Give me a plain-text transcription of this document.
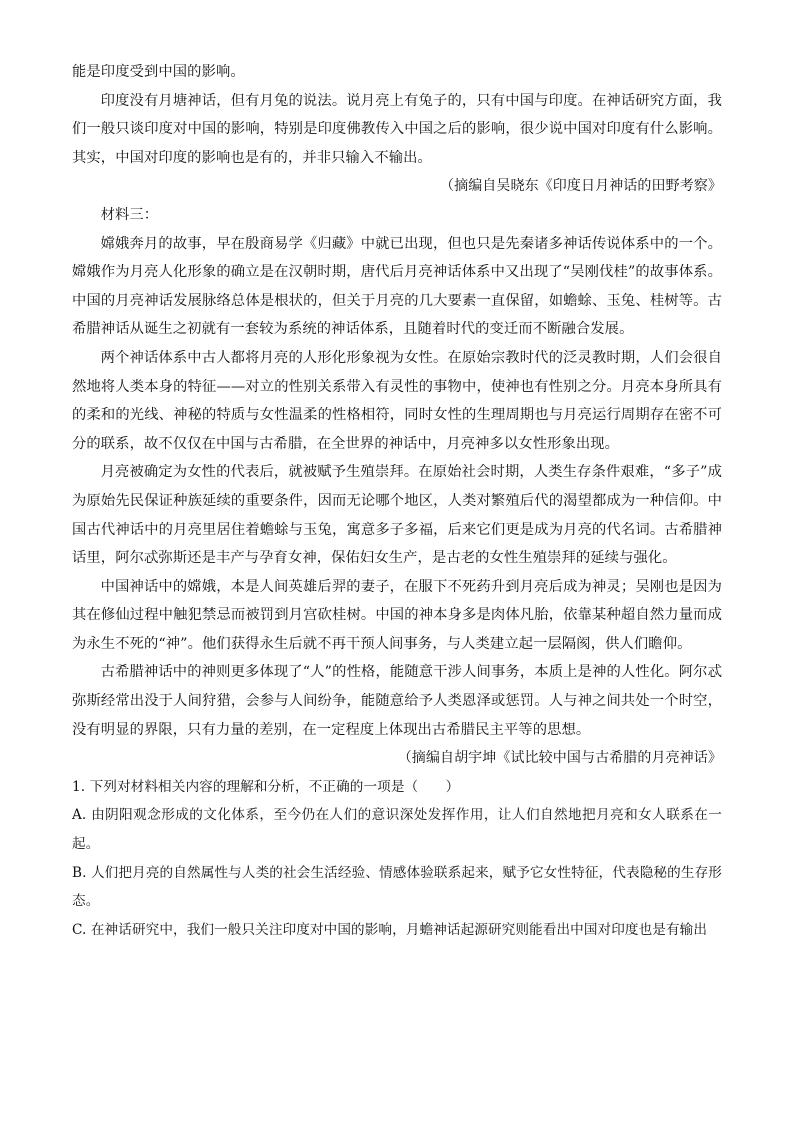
能是印度受到中国的影响。

印度没有月塘神话，但有月兔的说法。说月亮上有兔子的，只有中国与印度。在神话研究方面，我们一般只谈印度对中国的影响，特别是印度佛教传入中国之后的影响，很少说中国对印度有什么影响。其实，中国对印度的影响也是有的，并非只输入不输出。

（摘编自吴晓东《印度日月神话的田野考察》

材料三：

嫦娥奔月的故事，早在殷商易学《归藏》中就已出现，但也只是先秦诸多神话传说体系中的一个。嫦娥作为月亮人化形象的确立是在汉朝时期，唐代后月亮神话体系中又出现了“吴刚伐桂”的故事体系。中国的月亮神话发展脉络总体是根状的，但关于月亮的几大要素一直保留，如蟾蜍、玉兔、桂树等。古希腊神话从诞生之初就有一套较为系统的神话体系，且随着时代的变迁而不断融合发展。

两个神话体系中古人都将月亮的人形化形象视为女性。在原始宗教时代的泛灵教时期，人们会很自然地将人类本身的特征——对立的性别关系带入有灵性的事物中，使神也有性别之分。月亮本身所具有的柔和的光线、神秘的特质与女性温柔的性格相符，同时女性的生理周期也与月亮运行周期存在密不可分的联系，故不仅仅在中国与古希腊，在全世界的神话中，月亮神多以女性形象出现。

月亮被确定为女性的代表后，就被赋予生殖崇拜。在原始社会时期，人类生存条件艰难，“多子”成为原始先民保证种族延续的重要条件，因而无论哪个地区，人类对繁殖后代的渴望都成为一种信仰。中国古代神话中的月亮里居住着蟾蜍与玉兔，寓意多子多福，后来它们更是成为月亮的代名词。古希腊神话里，阿尔忒弥斯还是丰产与孕育女神，保佑妇女生产，是古老的女性生殖崇拜的延续与强化。

中国神话中的嫦娥，本是人间英雄后羿的妻子，在服下不死药升到月亮后成为神灵；吴刚也是因为其在修仙过程中触犯禁忌而被罚到月宫砍桂树。中国的神本身多是肉体凡胎，依靠某种超自然力量而成为永生不死的“神”。他们获得永生后就不再干预人间事务，与人类建立起一层隔阂，供人们瞻仰。

古希腊神话中的神则更多体现了“人”的性格，能随意干涉人间事务，本质上是神的人性化。阿尔忒弥斯经常出没于人间狩猎，会参与人间纷争，能随意给予人类恩泽或惩罚。人与神之间共处一个时空，没有明显的界限，只有力量的差别，在一定程度上体现出古希腊民主平等的思想。

（摘编自胡宇坤《试比较中国与古希腊的月亮神话》

1. 下列对材料相关内容的理解和分析，不正确的一项是（　　）

A. 由阴阳观念形成的文化体系，至今仍在人们的意识深处发挥作用，让人们自然地把月亮和女人联系在一起。

B. 人们把月亮的自然属性与人类的社会生活经验、情感体验联系起来，赋予它女性特征，代表隐秘的生存形态。

C. 在神话研究中，我们一般只关注印度对中国的影响，月蟾神话起源研究则能看出中国对印度也是有输出
